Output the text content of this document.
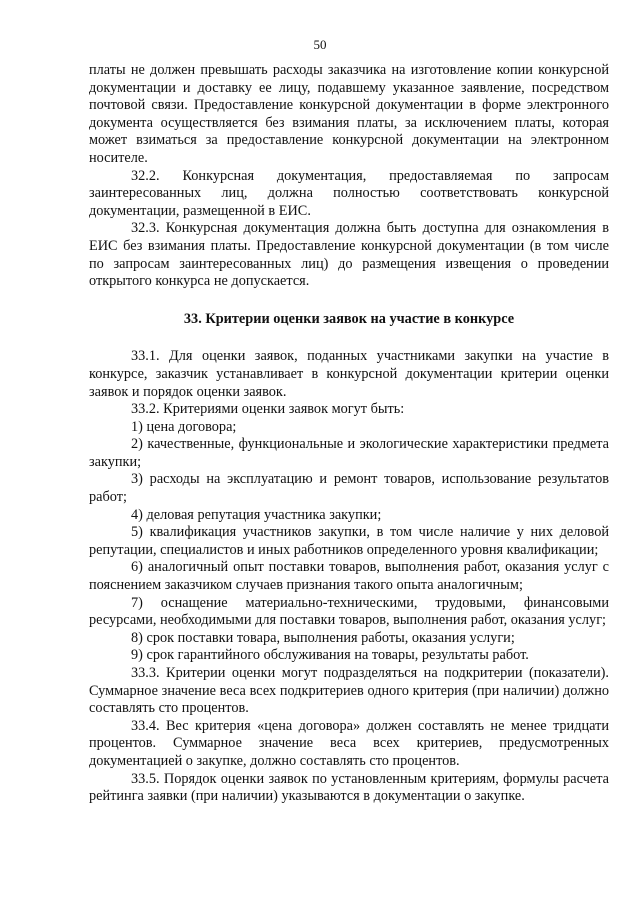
50

платы не должен превышать расходы заказчика на изготовление копии конкурсной документации и доставку ее лицу, подавшему указанное заявление, посредством почтовой связи. Предоставление конкурсной документации в форме электронного документа осуществляется без взимания платы, за исключением платы, которая может взиматься за предоставление конкурсной документации на электронном носителе.

32.2. Конкурсная документация, предоставляемая по запросам заинтересованных лиц, должна полностью соответствовать конкурсной документации, размещенной в ЕИС.

32.3. Конкурсная документация должна быть доступна для ознакомления в ЕИС без взимания платы. Предоставление конкурсной документации (в том числе по запросам заинтересованных лиц) до размещения извещения о проведении открытого конкурса не допускается.

33. Критерии оценки заявок на участие в конкурсе

33.1. Для оценки заявок, поданных участниками закупки на участие в конкурсе, заказчик устанавливает в конкурсной документации критерии оценки заявок и порядок оценки заявок.

33.2. Критериями оценки заявок могут быть:

1) цена договора;

2) качественные, функциональные и экологические характеристики предмета закупки;

3) расходы на эксплуатацию и ремонт товаров, использование результатов работ;

4) деловая репутация участника закупки;

5) квалификация участников закупки, в том числе наличие у них деловой репутации, специалистов и иных работников определенного уровня квалификации;

6) аналогичный опыт поставки товаров, выполнения работ, оказания услуг с пояснением заказчиком случаев признания такого опыта аналогичным;

7) оснащение материально-техническими, трудовыми, финансовыми ресурсами, необходимыми для поставки товаров, выполнения работ, оказания услуг;

8) срок поставки товара, выполнения работы, оказания услуги;

9) срок гарантийного обслуживания на товары, результаты работ.

33.3. Критерии оценки могут подразделяться на подкритерии (показатели). Суммарное значение веса всех подкритериев одного критерия (при наличии) должно составлять сто процентов.

33.4. Вес критерия «цена договора» должен составлять не менее тридцати процентов. Суммарное значение веса всех критериев, предусмотренных документацией о закупке, должно составлять сто процентов.

33.5. Порядок оценки заявок по установленным критериям, формулы расчета рейтинга заявки (при наличии) указываются в документации о закупке.
